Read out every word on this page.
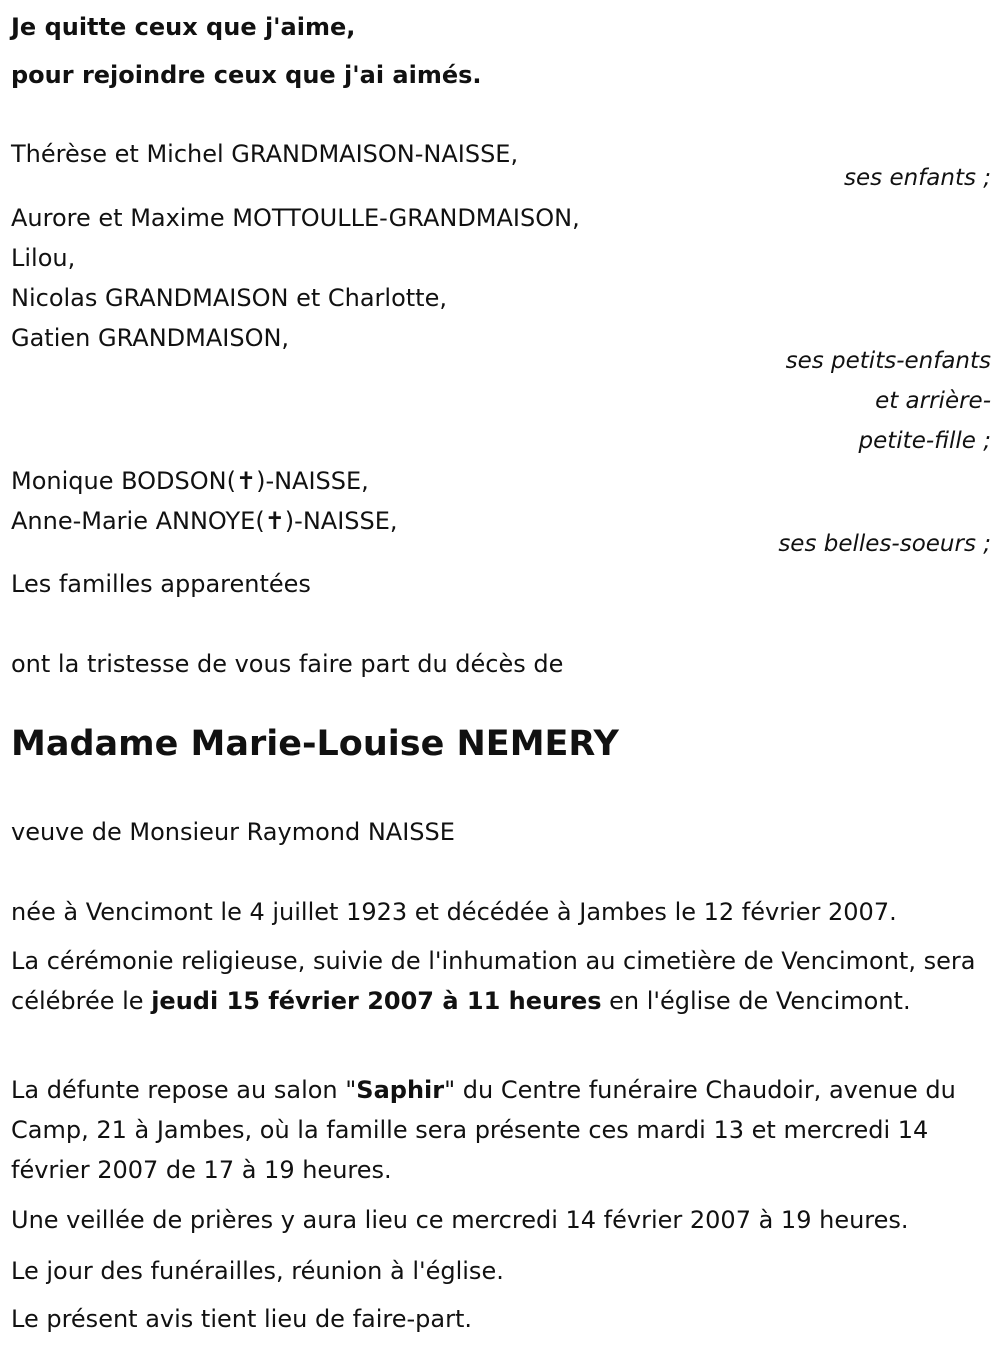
Je quitte ceux que j'aime,
pour rejoindre ceux que j'ai aimés.
Thérèse et Michel GRANDMAISON-NAISSE,
ses enfants ;
Aurore et Maxime MOTTOULLE-GRANDMAISON,
Lilou,
Nicolas GRANDMAISON et Charlotte,
Gatien GRANDMAISON,
ses petits-enfants
et arrière-
petite-fille ;
Monique BODSON(✝)-NAISSE,
Anne-Marie ANNOYE(✝)-NAISSE,
ses belles-soeurs ;
Les familles apparentées
ont la tristesse de vous faire part du décès de
Madame Marie-Louise NEMERY
veuve de Monsieur Raymond NAISSE
née à Vencimont le 4 juillet 1923 et décédée à Jambes le 12 février 2007.
La cérémonie religieuse, suivie de l'inhumation au cimetière de Vencimont, sera célébrée le jeudi 15 février 2007 à 11 heures en l'église de Vencimont.
La défunte repose au salon "Saphir" du Centre funéraire Chaudoir, avenue du Camp, 21 à Jambes, où la famille sera présente ces mardi 13 et mercredi 14 février 2007 de 17 à 19 heures.
Une veillée de prières y aura lieu ce mercredi 14 février 2007 à 19 heures.
Le jour des funérailles, réunion à l'église.
Le présent avis tient lieu de faire-part.
